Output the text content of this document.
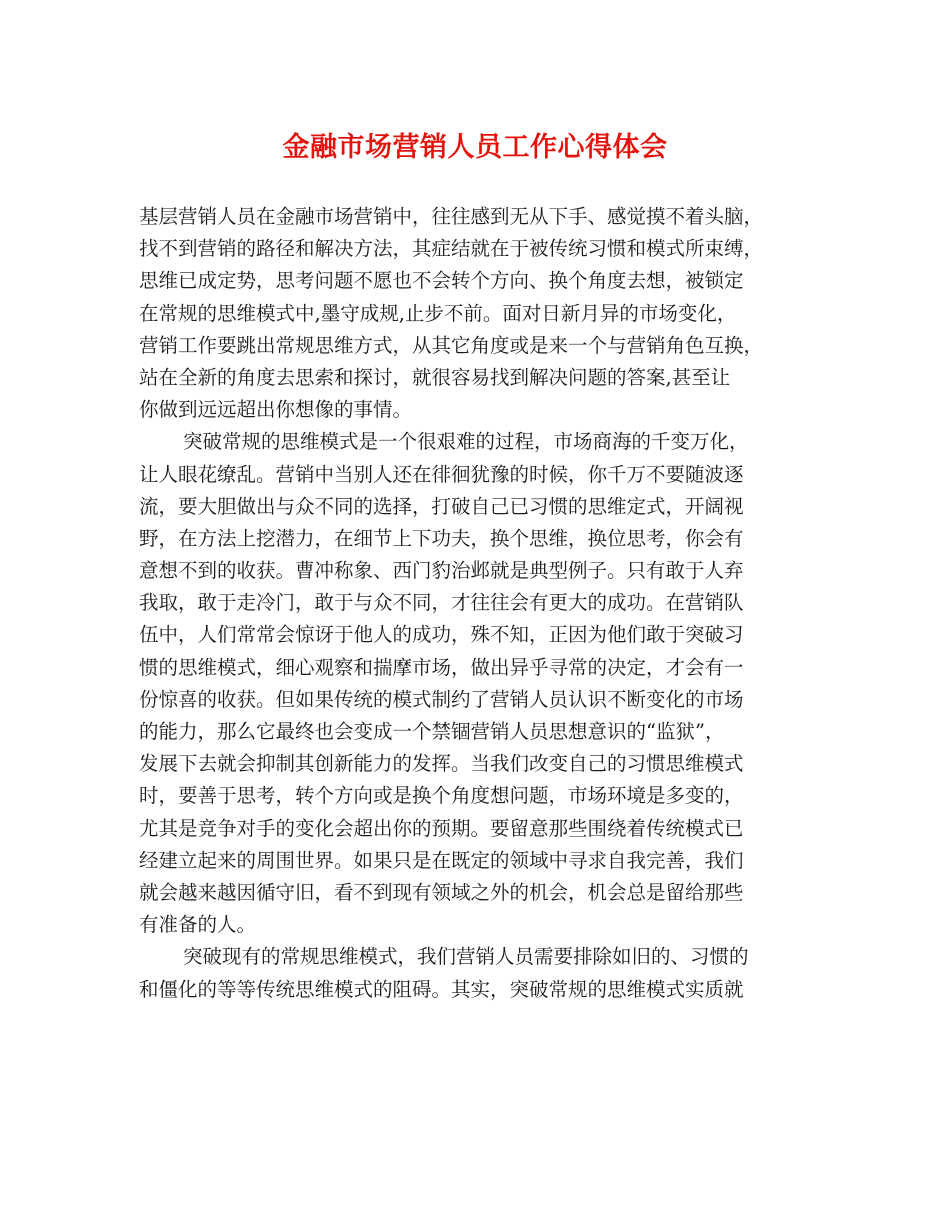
金融市场营销人员工作心得体会
基层营销人员在金融市场营销中，往往感到无从下手、感觉摸不着头脑，
找不到营销的路径和解决方法，其症结就在于被传统习惯和模式所束缚，
思维已成定势，思考问题不愿也不会转个方向、换个角度去想，被锁定
在常规的思维模式中,墨守成规,止步不前。面对日新月异的市场变化，
营销工作要跳出常规思维方式，从其它角度或是来一个与营销角色互换，
站在全新的角度去思索和探讨，就很容易找到解决问题的答案,甚至让
你做到远远超出你想像的事情。
突破常规的思维模式是一个很艰难的过程，市场商海的千变万化，
让人眼花缭乱。营销中当别人还在徘徊犹豫的时候，你千万不要随波逐
流，要大胆做出与众不同的选择，打破自己已习惯的思维定式，开阔视
野，在方法上挖潜力，在细节上下功夫，换个思维，换位思考，你会有
意想不到的收获。曹冲称象、西门豹治邺就是典型例子。只有敢于人弃
我取，敢于走冷门，敢于与众不同，才往往会有更大的成功。在营销队
伍中，人们常常会惊讶于他人的成功，殊不知，正因为他们敢于突破习
惯的思维模式，细心观察和揣摩市场，做出异乎寻常的决定，才会有一
份惊喜的收获。但如果传统的模式制约了营销人员认识不断变化的市场
的能力，那么它最终也会变成一个禁锢营销人员思想意识的“监狱”，
发展下去就会抑制其创新能力的发挥。当我们改变自己的习惯思维模式
时，要善于思考，转个方向或是换个角度想问题，市场环境是多变的，
尤其是竞争对手的变化会超出你的预期。要留意那些围绕着传统模式已
经建立起来的周围世界。如果只是在既定的领域中寻求自我完善，我们
就会越来越因循守旧，看不到现有领域之外的机会，机会总是留给那些
有准备的人。
突破现有的常规思维模式，我们营销人员需要排除如旧的、习惯的
和僵化的等等传统思维模式的阻碍。其实，突破常规的思维模式实质就
